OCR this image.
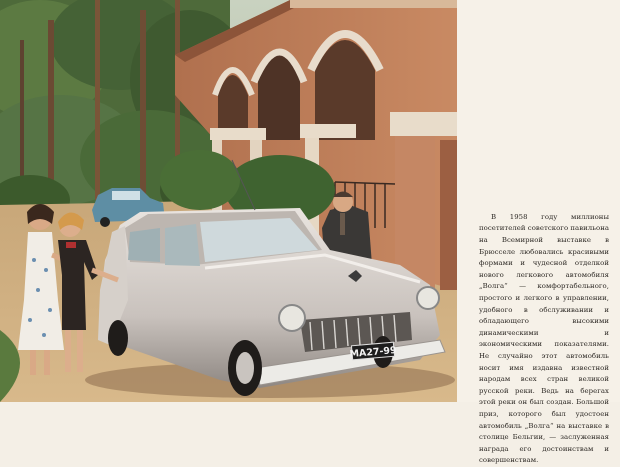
МА27-99

В 1958 году миллионы посетителей советского павильона на Всемирной выставке в Брюсселе любовались красивыми формами и чудесной отделкой нового легкового автомобиля „Волга“ — комфортабельного, простого и легкого в управлении, удобного в обслуживании и обладающего высокими динамическими и экономическими показателями. Не случайно этот автомобиль носит имя издавна известной народам всех стран великой русской реки. Ведь на берегах этой реки он был создан. Большой приз, которого был удостоен автомобиль „Волга“ на выставке в столице Бельгии, — заслуженная награда его достоинствам и совершенствам.
